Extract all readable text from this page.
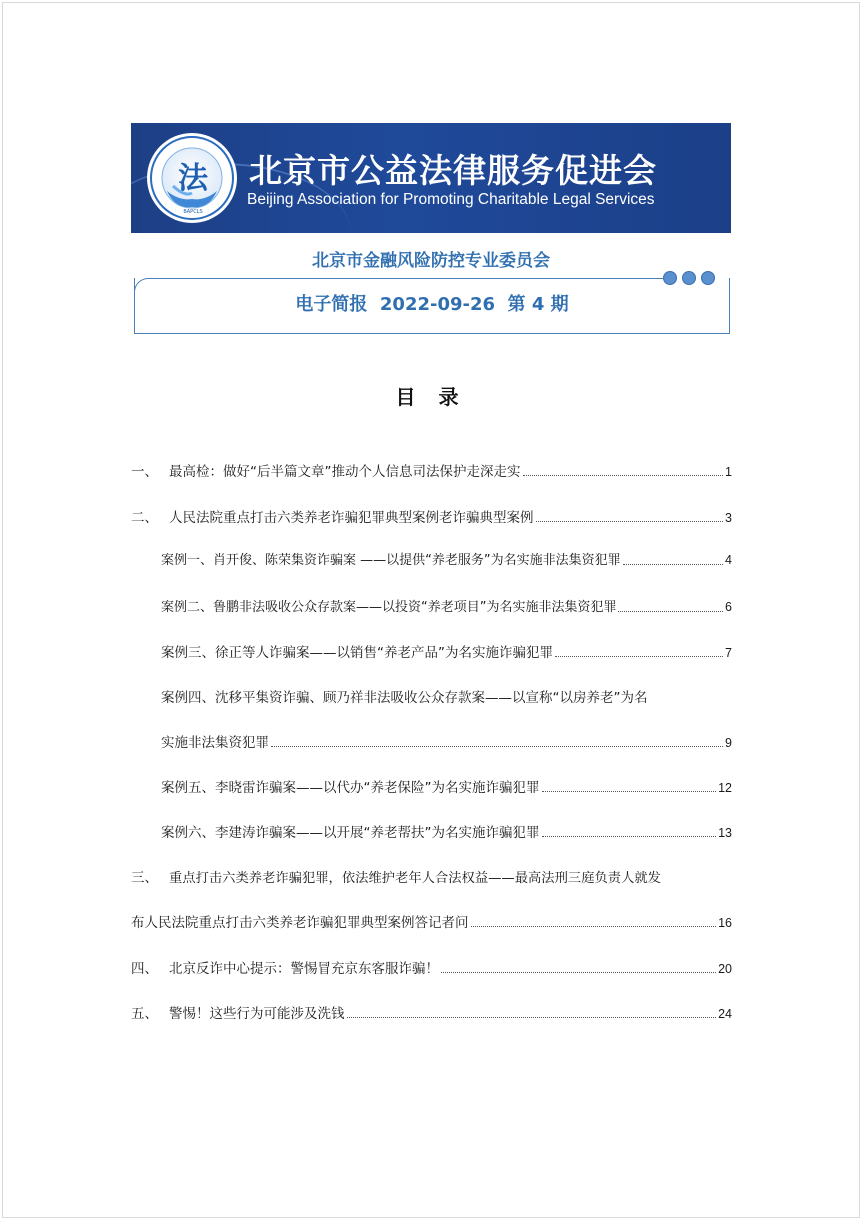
法
BAPCLS
北京市公益法律服务促进会
Beijing Association for Promoting Charitable Legal Services
北京市金融风险防控专业委员会
电子简报  2022-09-26  第 4 期
目 录
一、 最高检：做好“后半篇文章”推动个人信息司法保护走深走实	1
二、 人民法院重点打击六类养老诈骗犯罪典型案例老诈骗典型案例	3
案例一、肖开俊、陈荣集资诈骗案 ——以提供“养老服务”为名实施非法集资犯罪	4
案例二、鲁鹏非法吸收公众存款案——以投资“养老项目”为名实施非法集资犯罪	6
案例三、徐正等人诈骗案——以销售“养老产品”为名实施诈骗犯罪	7
案例四、沈移平集资诈骗、顾乃祥非法吸收公众存款案——以宣称“以房养老”为名
实施非法集资犯罪	9
案例五、李晓雷诈骗案——以代办“养老保险”为名实施诈骗犯罪	12
案例六、李建涛诈骗案——以开展“养老帮扶”为名实施诈骗犯罪	13
三、 重点打击六类养老诈骗犯罪，依法维护老年人合法权益——最高法刑三庭负责人就发
布人民法院重点打击六类养老诈骗犯罪典型案例答记者问	16
四、 北京反诈中心提示：警惕冒充京东客服诈骗！	20
五、 警惕！这些行为可能涉及洗钱	24
